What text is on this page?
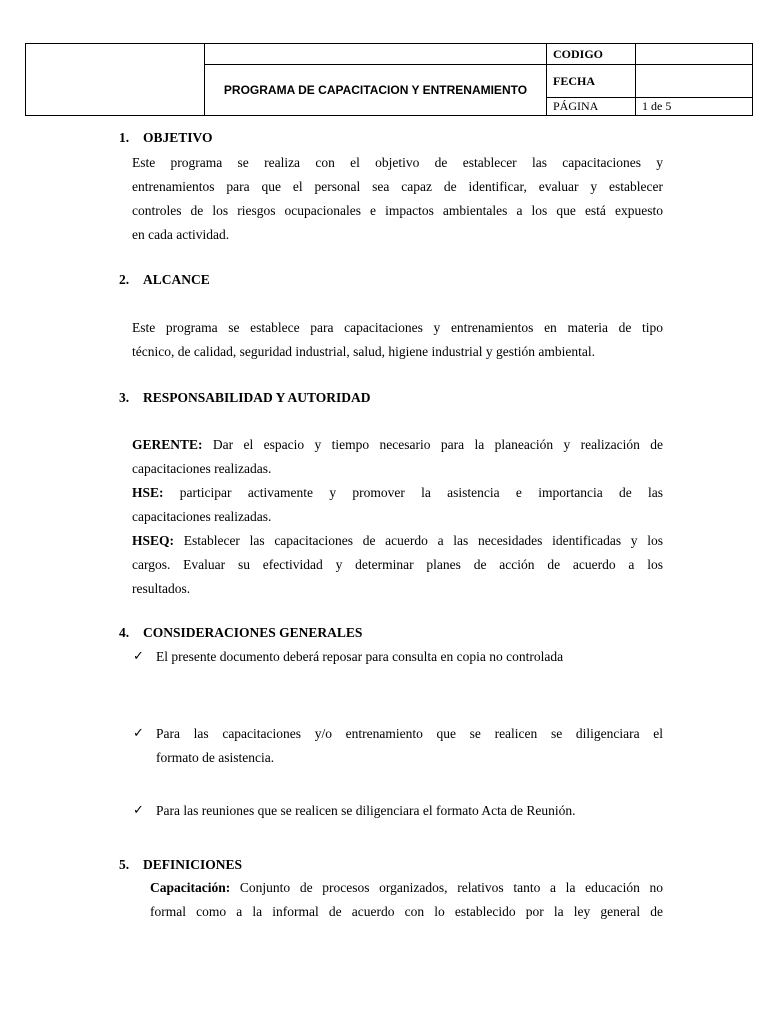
		CODIGO	
	PROGRAMA DE CAPACITACION Y ENTRENAMIENTO	FECHA	
		PÁGINA	1 de 5
1. OBJETIVO
Este programa se realiza con el objetivo de establecer las capacitaciones y
entrenamientos para que el personal sea capaz de identificar, evaluar y establecer
controles de los riesgos ocupacionales e impactos ambientales a los que está expuesto
en cada actividad.
2. ALCANCE
Este programa se establece para capacitaciones y entrenamientos en materia de tipo
técnico, de calidad, seguridad industrial, salud, higiene industrial y gestión ambiental.
3. RESPONSABILIDAD Y AUTORIDAD
GERENTE: Dar el espacio y tiempo necesario para la planeación y realización de
capacitaciones realizadas.
HSE: participar activamente y promover la asistencia e importancia de las
capacitaciones realizadas.
HSEQ: Establecer las capacitaciones de acuerdo a las necesidades identificadas y los
cargos. Evaluar su efectividad y determinar planes de acción de acuerdo a los
resultados.
4. CONSIDERACIONES GENERALES
✓ El presente documento deberá reposar para consulta en copia no controlada
✓ Para las capacitaciones y/o entrenamiento que se realicen se diligenciara el
formato de asistencia.
✓ Para las reuniones que se realicen se diligenciara el formato Acta de Reunión.
5. DEFINICIONES
Capacitación: Conjunto de procesos organizados, relativos tanto a la educación no
formal como a la informal de acuerdo con lo establecido por la ley general de
